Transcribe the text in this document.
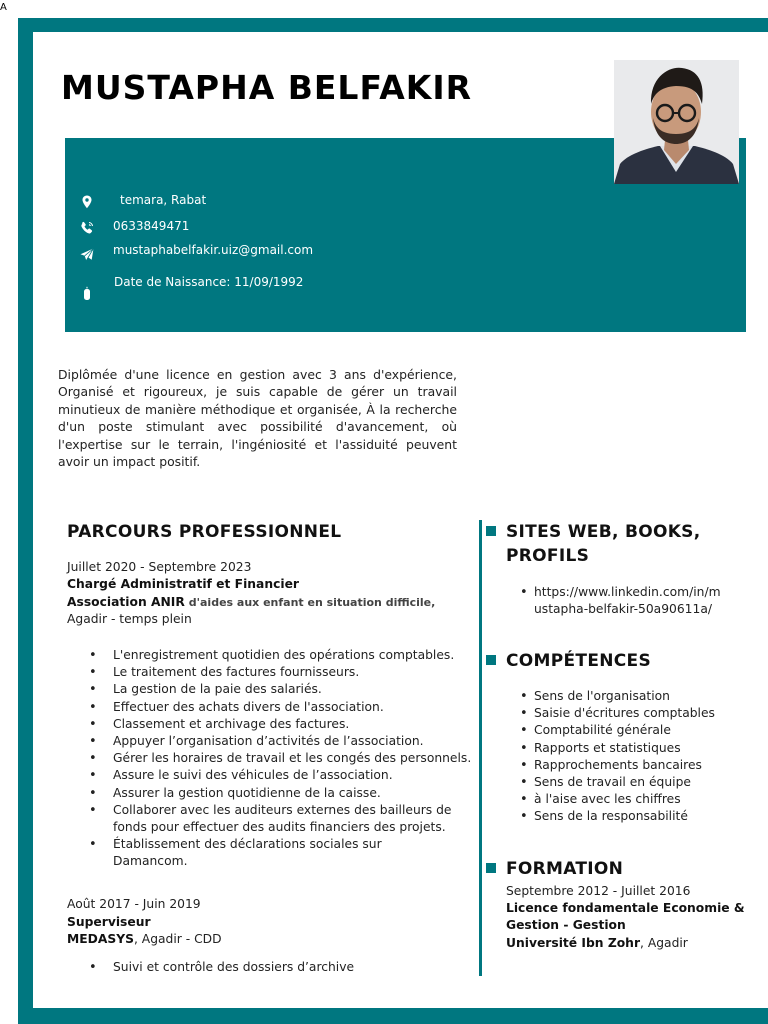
A
MUSTAPHA BELFAKIR
temara, Rabat
0633849471
mustaphabelfakir.uiz@gmail.com
Date de Naissance: 11/09/1992
Diplômée d'une licence en gestion avec 3 ans d'expérience, Organisé et rigoureux, je suis capable de gérer un travail minutieux de manière méthodique et organisée, À la recherche d'un poste stimulant avec possibilité d'avancement, où l'expertise sur le terrain, l'ingéniosité et l'assiduité peuvent avoir un impact positif.
PARCOURS PROFESSIONNEL
Juillet 2020 - Septembre 2023
Chargé Administratif et Financier
Association ANIR d'aides aux enfant en situation difficile,
Agadir - temps plein
• L'enregistrement quotidien des opérations comptables.
• Le traitement des factures fournisseurs.
• La gestion de la paie des salariés.
• Effectuer des achats divers de l'association.
• Classement et archivage des factures.
• Appuyer l’organisation d’activités de l’association.
• Gérer les horaires de travail et les congés des personnels.
• Assure le suivi des véhicules de l’association.
• Assurer la gestion quotidienne de la caisse.
• Collaborer avec les auditeurs externes des bailleurs de fonds pour effectuer des audits financiers des projets.
• Établissement des déclarations sociales sur Damancom.
Août 2017 - Juin 2019
Superviseur
MEDASYS, Agadir - CDD
• Suivi et contrôle des dossiers d’archive
SITES WEB, BOOKS,
PROFILS
• https://www.linkedin.com/in/m
ustapha-belfakir-50a90611a/
COMPÉTENCES
• Sens de l'organisation
• Saisie d'écritures comptables
• Comptabilité générale
• Rapports et statistiques
• Rapprochements bancaires
• Sens de travail en équipe
• à l'aise avec les chiffres
• Sens de la responsabilité
FORMATION
Septembre 2012 - Juillet 2016
Licence fondamentale Economie &
Gestion - Gestion
Université Ibn Zohr, Agadir
